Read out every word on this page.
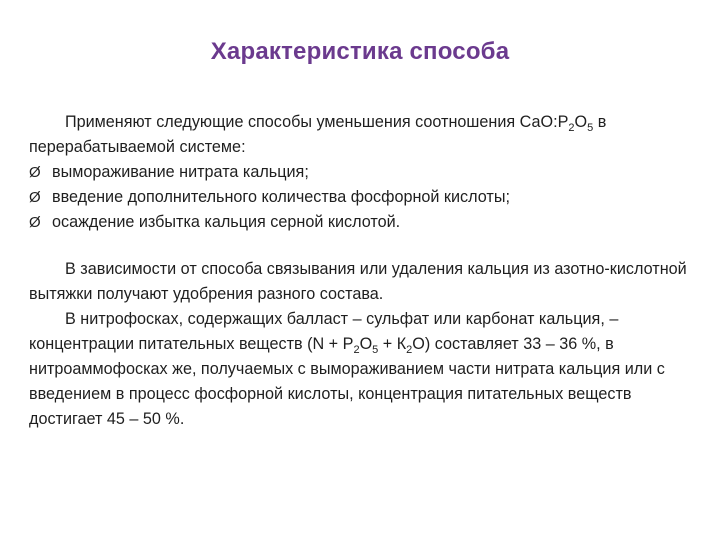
Характеристика способа

Применяют следующие способы уменьшения соотношения $СаО:Р_2О_5$ в перерабатываемой системе:

Ø вымораживание нитрата кальция;
Ø введение дополнительного количества фосфорной кислоты;
Ø осаждение избытка кальция серной кислотой.

В зависимости от способа связывания или удаления кальция из азотно-кислотной вытяжки получают удобрения разного состава.

В нитрофосках, содержащих балласт – сульфат или карбонат кальция, – концентрации питательных веществ $(N + Р_2О_5 + К_2О)$ составляет 33 – 36 %, в нитроаммофосках же, получаемых с вымораживанием части нитрата кальция или с введением в процесс фосфорной кислоты, концентрация питательных веществ достигает 45 – 50 %.
